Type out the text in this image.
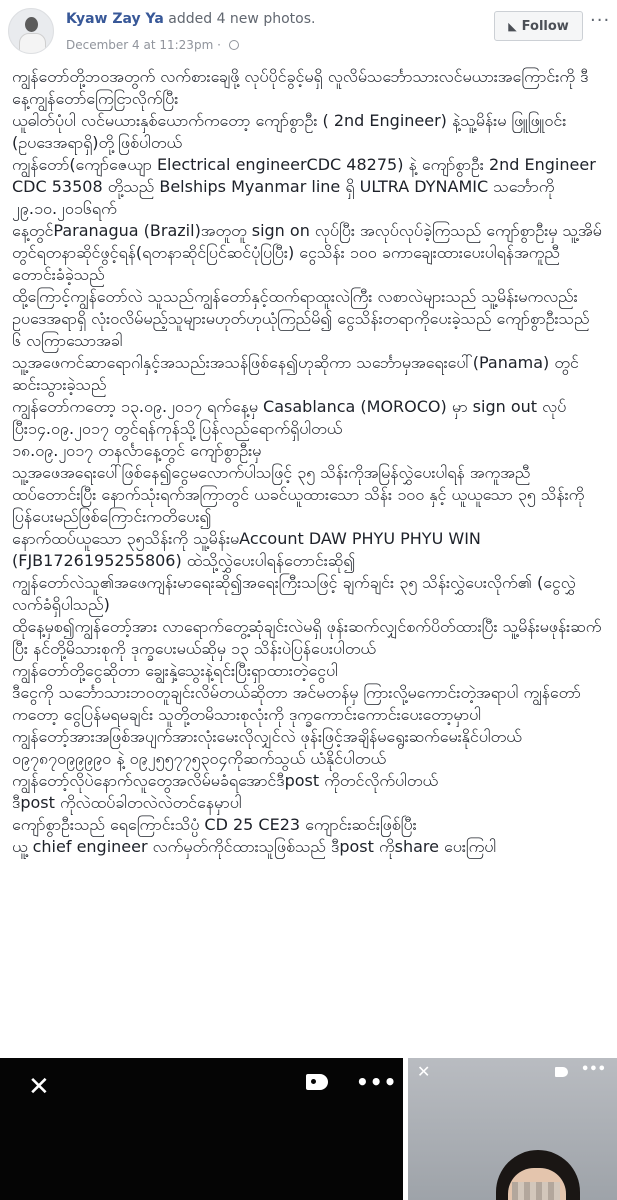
Kyaw Zay Ya added 4 new photos.
December 4 at 11:23pm ·
◣ Follow ···

ကျွန်တော်တို့ဘဝအတွက် လက်စားချေဖို့ လုပ်ပိုင်ခွင့်မရှိ လူလိမ်သင်္ဘောသားလင်မယားအကြောင်းကို ဒီနေ့ကျွန်တော်ကြေငြာလိုက်ပြီး

ယူဓါတ်ပုံပါ လင်မယားနှစ်ယောက်ကတော့ ကျော်စွာဦး ( 2nd Engineer) နဲ့သူ့မိန်းမ ဖြူဖြူဝင်း (ဥပဒေအရာရှိ)တို့ဖြစ်ပါတယ်

ကျွန်တော်(ကျော်ဇေယျာ Electrical engineerCDC 48275) နဲ့ ကျော်စွာဦး 2nd Engineer CDC 53508 တို့သည် Belships Myanmar line ရှိ ULTRA DYNAMIC သင်္ဘောကို ၂၉.၁၀.၂၀၁၆ရက်

နေ့တွင်Paranagua (Brazil)အတူတူ sign on လုပ်ပြီး အလုပ်လုပ်ခဲ့ကြသည် ကျော်စွာဦးမှ သူ့အိမ်တွင်ရတနာဆိုင်ဖွင့်ရန်(ရတနာဆိုင်ပြင်ဆင်ပုံပြပြီး) ငွေသိန်း ၁၀၀ ခကာချေးထားပေးပါရန်အကူညီတောင်းခံခဲ့သည်

ထို့ကြောင့်ကျွန်တော်လဲ သူသည်ကျွန်တော်နှင့်ထက်ရာထူးလဲကြီး လစာလဲများသည် သူ့မိန်းမကလည်းဥပဒေအရာရှိ လုံးဝလိမ်မည့်သူများမဟုတ်ဟုယုံကြည်မိ၍ ငွေသိန်းတရာကိုပေးခဲ့သည် ကျော်စွာဦးသည် ၆ လကြာသောအခါ

သူ့အဖေကင်ဆာရောဂါနှင့်အသည်းအသန်ဖြစ်နေ၍ဟုဆိုကာ သင်္ဘောမှအရေးပေါ်(Panama) တွင်ဆင်းသွားခဲ့သည်

ကျွန်တော်ကတော့ ၁၃.၀၉.၂၀၁၇ ရက်နေ့မှ Casablanca (MOROCO) မှာ sign out လုပ်ပြီး၁၄.၀၉.၂၀၁၇ တွင်ရန်ကုန်သို့ပြန်လည်ရောက်ရှိပါတယ်

၁၈.၀၉.၂၀၁၇ တနင်္လာနေ့တွင် ကျော်စွာဦးမှ

သူ့အဖေအရေးပေါ်ဖြစ်နေ၍ငွေမလောက်ပါသဖြင့် ၃၅ သိန်းကိုအမြန်လွှဲပေးပါရန် အကူအညီ

ထပ်တောင်းပြီး နောက်သုံးရက်အကြာတွင် ယခင်ယူထားသော သိန်း ၁၀၀ နှင့် ယူယူသော ၃၅ သိန်းကိုပြန်ပေးမည်ဖြစ်ကြောင်းကတိပေး၍

နောက်ထပ်ယူသော ၃၅သိန်းကို သူ့မိန်းမAccount DAW PHYU PHYU WIN (FJB1726195255806) ထဲသို့လွှဲပေးပါရန်တောင်းဆို၍

ကျွန်တော်လဲသူ၏အဖေကျန်းမာရေးဆို၍အရေးကြီးသဖြင့် ချက်ချင်း ၃၅ သိန်းလွှဲပေးလိုက်၏ (ငွေလွှဲလက်ခံရှိပါသည်)

ထိုနေ့မှစ၍ကျွန်တော့်အား လာရောက်တွေ့ဆုံချင်းလဲမရှိ ဖုန်းဆက်လျှင်စက်ပိတ်ထားပြီး သူ့မိန်းမဖုန်းဆက်ပြီး နင်တို့မိသားစုကို ဒုက္ခပေးမယ်ဆိုမှ ၁၃ သိန်းပဲပြန်ပေးပါတယ်

ကျွန်တော်တို့ငွေဆိုတာ ချွေးနှဲ့သွေးနဲ့ရင်းပြီးရှာထားတဲ့ငွေပါ

ဒီငွေကို သင်္ဘောသားဘဝတူချင်းလိမ်တယ်ဆိုတာ အင်မတန်မှ ကြားလို့မကောင်းတဲ့အရာပါ ကျွန်တော်ကတော့ ငွေပြန်မရမချင်း သူတို့တမိသားစုလုံးကို ဒုက္ခကောင်းကောင်းပေးတော့မှာပါ

ကျွန်တော့်အားအဖြစ်အပျက်အားလုံးမေးလိုလျှင်လဲ ဖုန်းဖြင့်အချိန်မရွေးဆက်မေးနိုင်ပါတယ် ၀၉၇၈၇၀၉၉၉၉၀ နဲ့ ၀၉၂၅၅၇၇၅၃၀၄ကိုဆက်သွယ် ယံနိုင်ပါတယ်

ကျွန်တော့်လိုပဲနောက်လူတွေအလိမ်မခံရအောင်ဒီpost ကိုတင်လိုက်ပါတယ်

ဒီpost ကိုလဲထပ်ခါတလဲလဲတင်နေမှာပါ

ကျော်စွာဦးသည် ရေကြောင်းသိပ္ပံ CD 25 CE23 ကျောင်းဆင်းဖြစ်ပြီး

ယူ့ chief engineer လက်မှတ်ကိုင်ထားသူဖြစ်သည် ဒီpost ကိုshare ပေးကြပါ

✕	••• ✕	•••
